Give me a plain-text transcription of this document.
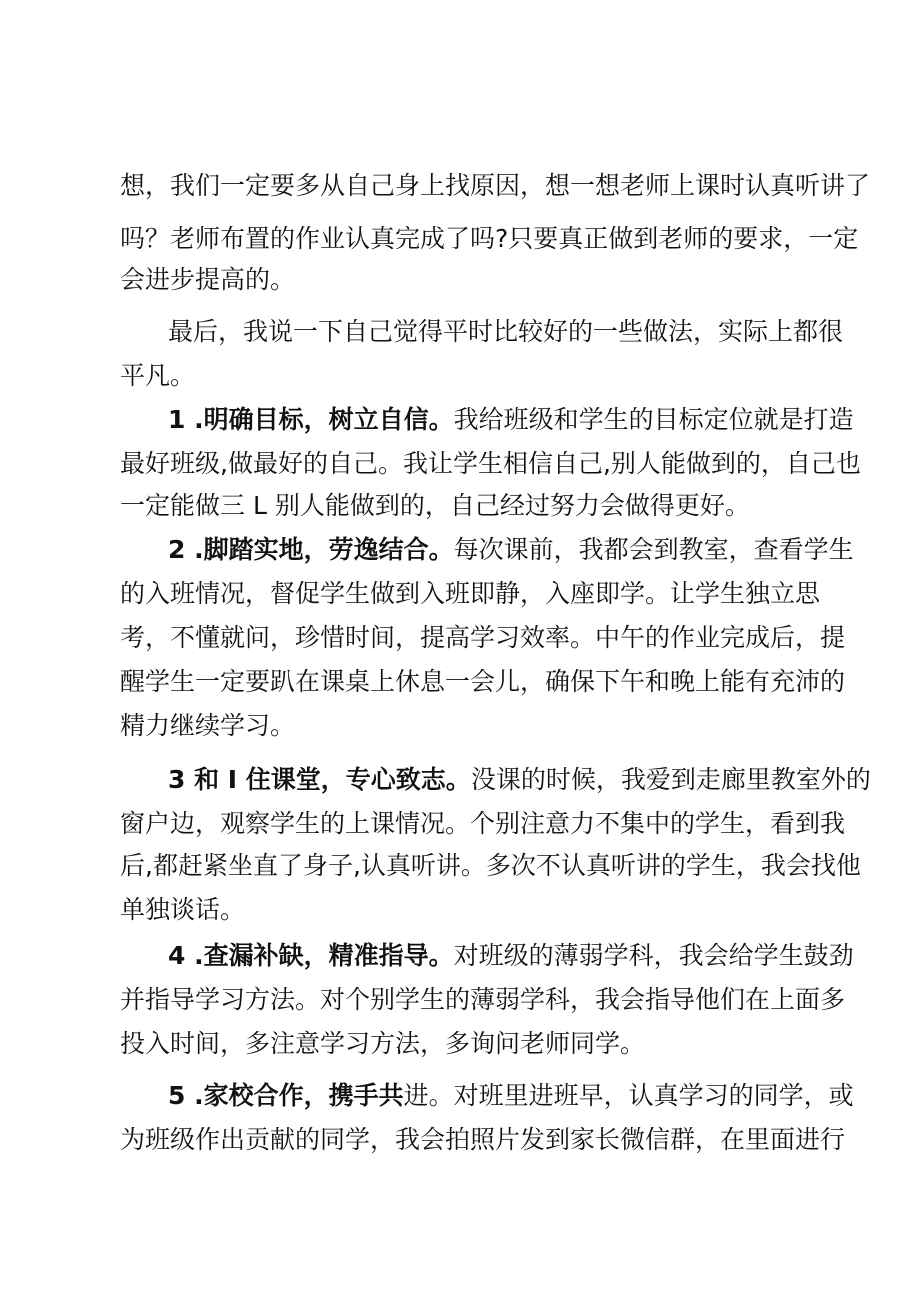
想，我们一定要多从自己身上找原因，想一想老师上课时认真听讲了
吗？老师布置的作业认真完成了吗?只要真正做到老师的要求，一定
会进步提高的。
最后，我说一下自己觉得平时比较好的一些做法，实际上都很
平凡。
1 .明确目标，树立自信。我给班级和学生的目标定位就是打造
最好班级,做最好的自己。我让学生相信自己,别人能做到的，自己也
一定能做三 L 别人能做到的，自己经过努力会做得更好。
2 .脚踏实地，劳逸结合。每次课前，我都会到教室，查看学生
的入班情况，督促学生做到入班即静，入座即学。让学生独立思
考，不懂就问，珍惜时间，提高学习效率。中午的作业完成后，提
醒学生一定要趴在课桌上休息一会儿，确保下午和晚上能有充沛的
精力继续学习。
3 和 I 住课堂，专心致志。没课的时候，我爱到走廊里教室外的
窗户边，观察学生的上课情况。个别注意力不集中的学生，看到我
后,都赶紧坐直了身子,认真听讲。多次不认真听讲的学生，我会找他
单独谈话。
4 .查漏补缺，精准指导。对班级的薄弱学科，我会给学生鼓劲
并指导学习方法。对个别学生的薄弱学科，我会指导他们在上面多
投入时间，多注意学习方法，多询问老师同学。
5 .家校合作，携手共进。对班里进班早，认真学习的同学，或
为班级作出贡献的同学，我会拍照片发到家长微信群，在里面进行
